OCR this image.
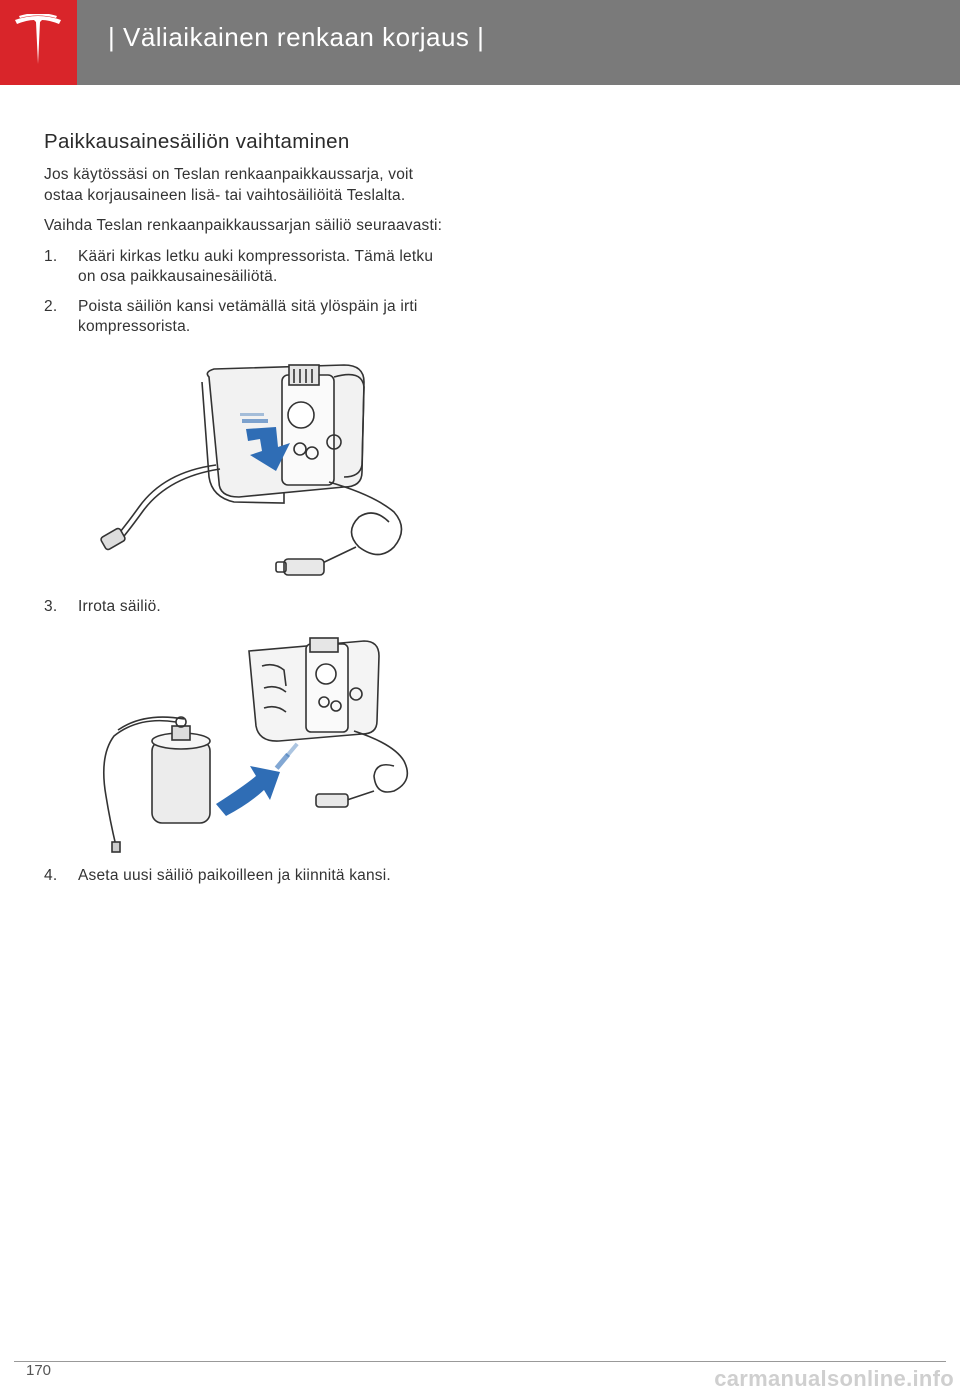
| Väliaikainen renkaan korjaus |
Paikkausainesäiliön vaihtaminen

Jos käytössäsi on Teslan renkaanpaikkaussarja, voit ostaa korjausaineen lisä- tai vaihtosäiliöitä Teslalta.

Vaihda Teslan renkaanpaikkaussarjan säiliö seuraavasti:

1. Kääri kirkas letku auki kompressorista. Tämä letku on osa paikkausainesäiliötä.
2. Poista säiliön kansi vetämällä sitä ylöspäin ja irti kompressorista.
3. Irrota säiliö.
4. Aseta uusi säiliö paikoilleen ja kiinnitä kansi.
170	carmanualsonline.info
